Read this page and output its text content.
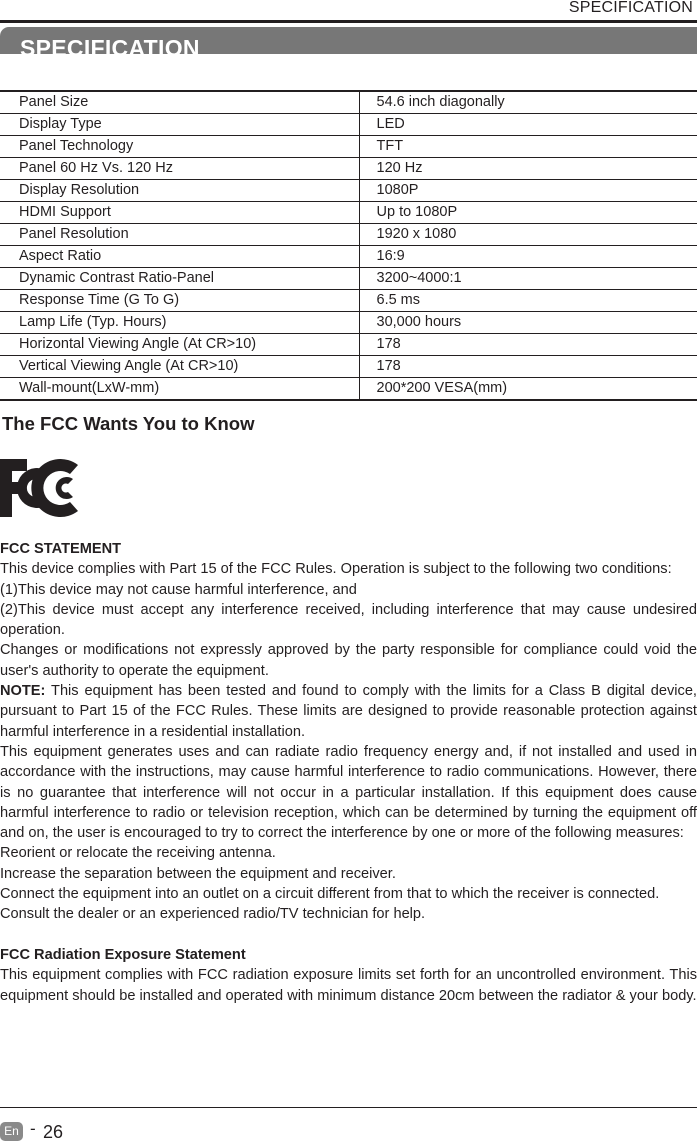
SPECIFICATION
SPECIFICATION
Panel Size	54.6 inch diagonally
Display Type	LED
Panel Technology	TFT
Panel 60 Hz Vs. 120 Hz	120 Hz
Display Resolution	1080P
HDMI Support	Up to 1080P
Panel Resolution	1920 x 1080
Aspect Ratio	16:9
Dynamic Contrast Ratio-Panel	3200~4000:1
Response Time (G To G)	6.5 ms
Lamp Life (Typ. Hours)	30,000 hours
Horizontal Viewing Angle (At CR>10)	178
Vertical Viewing Angle (At CR>10)	178
Wall-mount(LxW-mm)	200*200 VESA(mm)
The FCC Wants You to Know

FCC STATEMENT

This device complies with Part 15 of the FCC Rules. Operation is subject to the following two conditions:

(1)This device may not cause harmful interference, and

(2)This device must accept any interference received, including interference that may cause undesired operation.

Changes or modifications not expressly approved by the party responsible for compliance could void the user's authority to operate the equipment.

NOTE: This equipment has been tested and found to comply with the limits for a Class B digital device, pursuant to Part 15 of the FCC Rules. These limits are designed to provide reasonable protection against harmful interference in a residential installation.

This equipment generates uses and can radiate radio frequency energy and, if not installed and used in accordance with the instructions, may cause harmful interference to radio communications. However, there is no guarantee that interference will not occur in a particular installation. If this equipment does cause harmful interference to radio or television reception, which can be determined by turning the equipment off and on, the user is encouraged to try to correct the interference by one or more of the following measures:

Reorient or relocate the receiving antenna.

Increase the separation between the equipment and receiver.

Connect the equipment into an outlet on a circuit different from that to which the receiver is connected.

Consult the dealer or an experienced radio/TV technician for help.

FCC Radiation Exposure Statement

This equipment complies with FCC radiation exposure limits set forth for an uncontrolled environment. This equipment should be installed and operated with minimum distance 20cm between the radiator & your body.

En - 26
